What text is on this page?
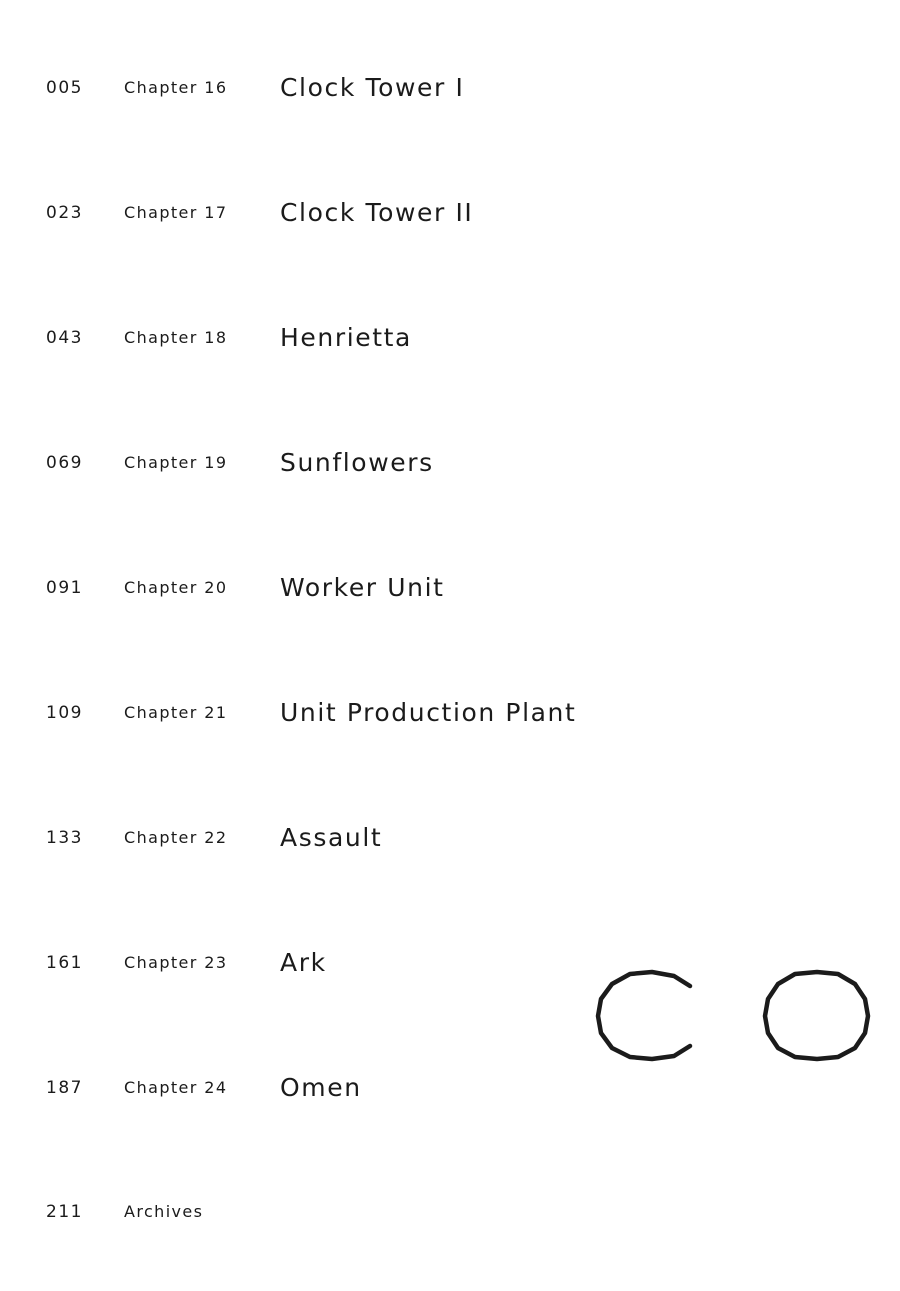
005	Chapter 16 Clock Tower I
023	Chapter 17 Clock Tower II
043	Chapter 18 Henrietta
069	Chapter 19 Sunflowers
091	Chapter 20 Worker Unit
109	Chapter 21 Unit Production Plant
133	Chapter 22 Assault
161	Chapter 23 Ark
187	Chapter 24 Omen
211	Archives
